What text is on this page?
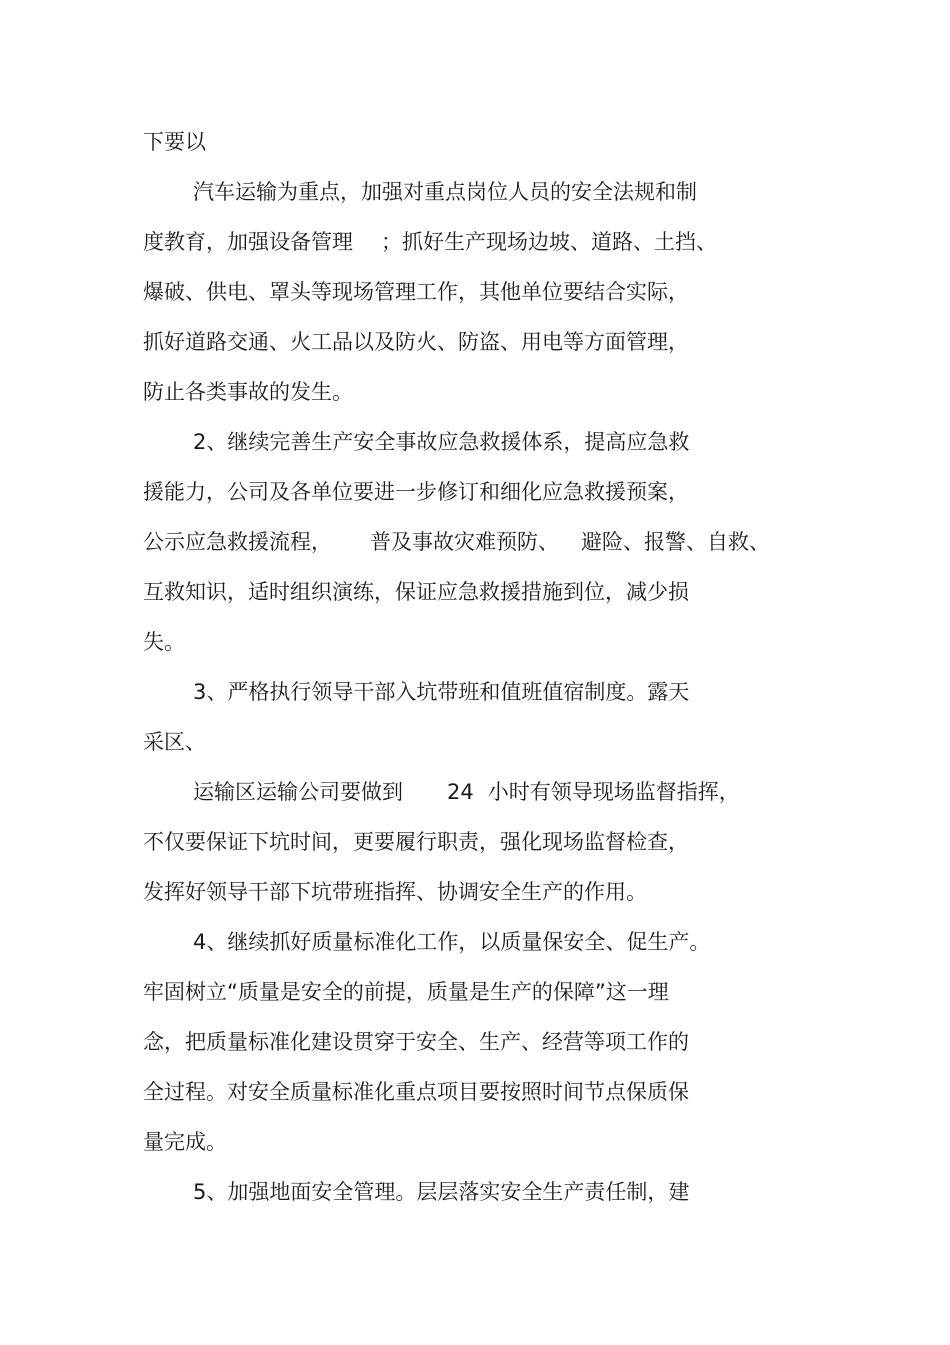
下要以
汽车运输为重点，加强对重点岗位人员的安全法规和制
度教育，加强设备管理 ；抓好生产现场边坡、道路、土挡、
爆破、供电、罩头等现场管理工作，其他单位要结合实际，
抓好道路交通、火工品以及防火、防盗、用电等方面管理，
防止各类事故的发生。
2、继续完善生产安全事故应急救援体系，提高应急救
援能力，公司及各单位要进一步修订和细化应急救援预案，
公示应急救援流程， 普及事故灾难预防、 避险、报警、自救、
互救知识，适时组织演练，保证应急救援措施到位，减少损
失。
3、严格执行领导干部入坑带班和值班值宿制度。露天
采区、
运输区运输公司要做到 24 小时有领导现场监督指挥，
不仅要保证下坑时间，更要履行职责，强化现场监督检查，
发挥好领导干部下坑带班指挥、协调安全生产的作用。
4、继续抓好质量标准化工作，以质量保安全、促生产。
牢固树立“质量是安全的前提，质量是生产的保障”这一理
念，把质量标准化建设贯穿于安全、生产、经营等项工作的
全过程。对安全质量标准化重点项目要按照时间节点保质保
量完成。
5、加强地面安全管理。层层落实安全生产责任制，建
